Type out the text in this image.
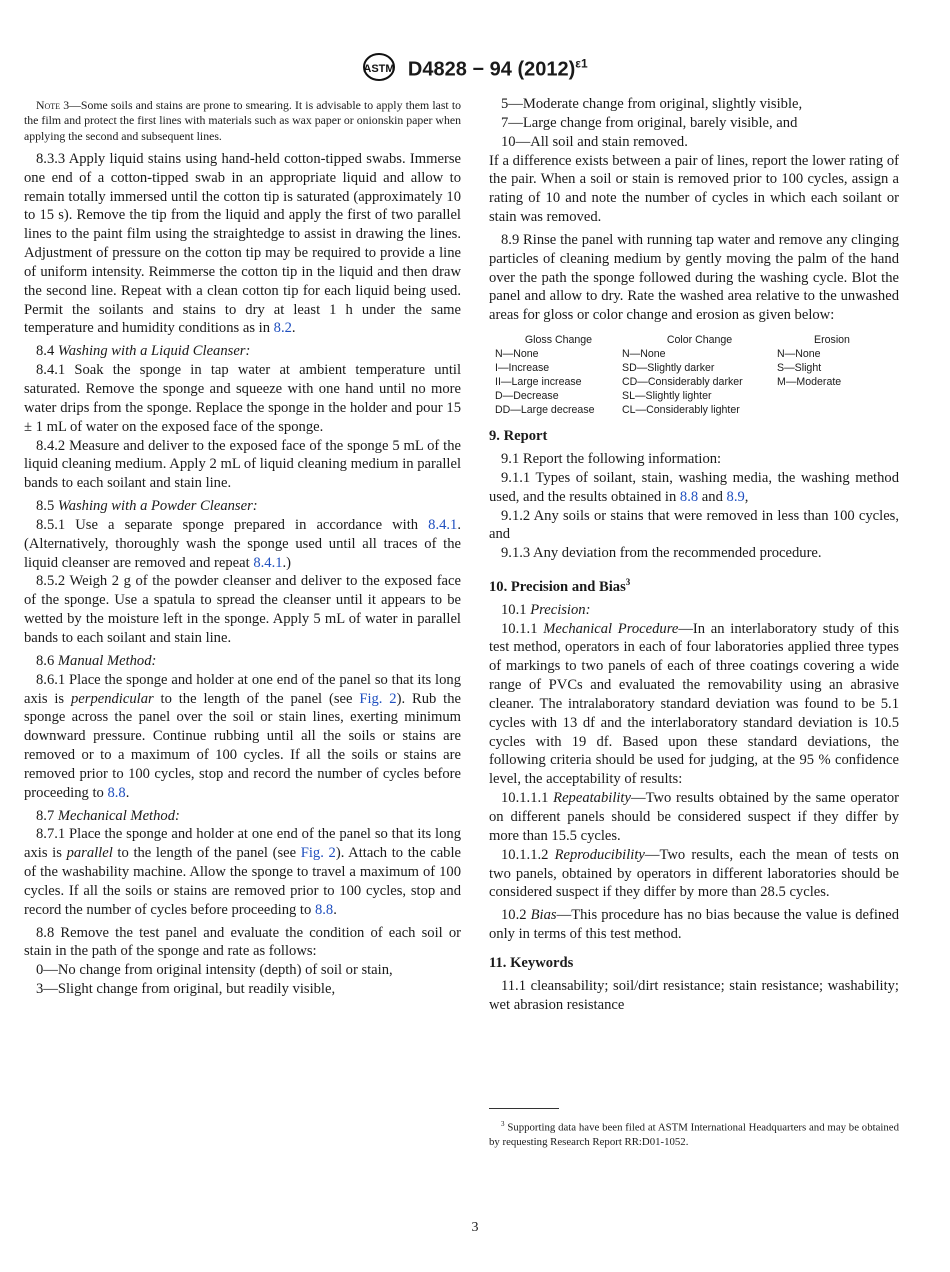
ASTM D4828 − 94 $(2012)^{\varepsilon 1}$

Note 3—Some soils and stains are prone to smearing. It is advisable to apply them last to the film and protect the first lines with materials such as wax paper or onionskin paper when applying the second and subsequent lines.

8.3.3 Apply liquid stains using hand-held cotton-tipped swabs. Immerse one end of a cotton-tipped swab in an appropriate liquid and allow to remain totally immersed until the cotton tip is saturated (approximately 10 to 15 s). Remove the tip from the liquid and apply the first of two parallel lines to the paint film using the straightedge to assist in drawing the lines. Adjustment of pressure on the cotton tip may be required to provide a line of uniform intensity. Reimmerse the cotton tip in the liquid and then draw the second line. Repeat with a clean cotton tip for each liquid being used. Permit the soilants and stains to dry at least 1 h under the same temperature and humidity conditions as in 8.2.

8.4 Washing with a Liquid Cleanser:

8.4.1 Soak the sponge in tap water at ambient temperature until saturated. Remove the sponge and squeeze with one hand until no more water drips from the sponge. Replace the sponge in the holder and pour 15 ± 1 mL of water on the exposed face of the sponge.

8.4.2 Measure and deliver to the exposed face of the sponge 5 mL of the liquid cleaning medium. Apply 2 mL of liquid cleaning medium in parallel bands to each soilant and stain line.

8.5 Washing with a Powder Cleanser:

8.5.1 Use a separate sponge prepared in accordance with 8.4.1. (Alternatively, thoroughly wash the sponge used until all traces of the liquid cleanser are removed and repeat 8.4.1.)

8.5.2 Weigh 2 g of the powder cleanser and deliver to the exposed face of the sponge. Use a spatula to spread the cleanser until it appears to be wetted by the moisture left in the sponge. Apply 5 mL of water in parallel bands to each soilant and stain line.

8.6 Manual Method:

8.6.1 Place the sponge and holder at one end of the panel so that its long axis is perpendicular to the length of the panel (see Fig. 2). Rub the sponge across the panel over the soil or stain lines, exerting minimum downward pressure. Continue rubbing until all the soils or stains are removed or to a maximum of 100 cycles. If all the soils or stains are removed prior to 100 cycles, stop and record the number of cycles before proceeding to 8.8.

8.7 Mechanical Method:

8.7.1 Place the sponge and holder at one end of the panel so that its long axis is parallel to the length of the panel (see Fig. 2). Attach to the cable of the washability machine. Allow the sponge to travel a maximum of 100 cycles. If all the soils or stains are removed prior to 100 cycles, stop and record the number of cycles before proceeding to 8.8.

8.8 Remove the test panel and evaluate the condition of each soil or stain in the path of the sponge and rate as follows:

0—No change from original intensity (depth) of soil or stain,

3—Slight change from original, but readily visible,

5—Moderate change from original, slightly visible,

7—Large change from original, barely visible, and

10—All soil and stain removed.

If a difference exists between a pair of lines, report the lower rating of the pair. When a soil or stain is removed prior to 100 cycles, assign a rating of 10 and note the number of cycles in which each soilant or stain was removed.

8.9 Rinse the panel with running tap water and remove any clinging particles of cleaning medium by gently moving the palm of the hand over the path the sponge followed during the washing cycle. Blot the panel and allow to dry. Rate the washed area relative to the unwashed areas for gloss or color change and erosion as given below:

Gloss Change	Color Change	Erosion
N—None	N—None	N—None
I—Increase	SD—Slightly darker	S—Slight
II—Large increase	CD—Considerably darker	M—Moderate
D—Decrease	SL—Slightly lighter	
DD—Large decrease	CL—Considerably lighter	
9. Report

9.1 Report the following information:

9.1.1 Types of soilant, stain, washing media, the washing method used, and the results obtained in 8.8 and 8.9,

9.1.2 Any soils or stains that were removed in less than 100 cycles, and

9.1.3 Any deviation from the recommended procedure.

10. Precision and Bias$^3$

10.1 Precision:

10.1.1 Mechanical Procedure—In an interlaboratory study of this test method, operators in each of four laboratories applied three types of markings to two panels of each of three coatings covering a wide range of PVCs and evaluated the removability using an abrasive cleaner. The intralaboratory standard deviation was found to be 5.1 cycles with 13 df and the interlaboratory standard deviation is 10.5 cycles with 19 df. Based upon these standard deviations, the following criteria should be used for judging, at the 95 % confidence level, the acceptability of results:

10.1.1.1 Repeatability—Two results obtained by the same operator on different panels should be considered suspect if they differ by more than 15.5 cycles.

10.1.1.2 Reproducibility—Two results, each the mean of tests on two panels, obtained by operators in different laboratories should be considered suspect if they differ by more than 28.5 cycles.

10.2 Bias—This procedure has no bias because the value is defined only in terms of this test method.

11. Keywords

11.1 cleansability; soil/dirt resistance; stain resistance; washability; wet abrasion resistance

$^3$ Supporting data have been filed at ASTM International Headquarters and may be obtained by requesting Research Report RR:D01-1052.
3
